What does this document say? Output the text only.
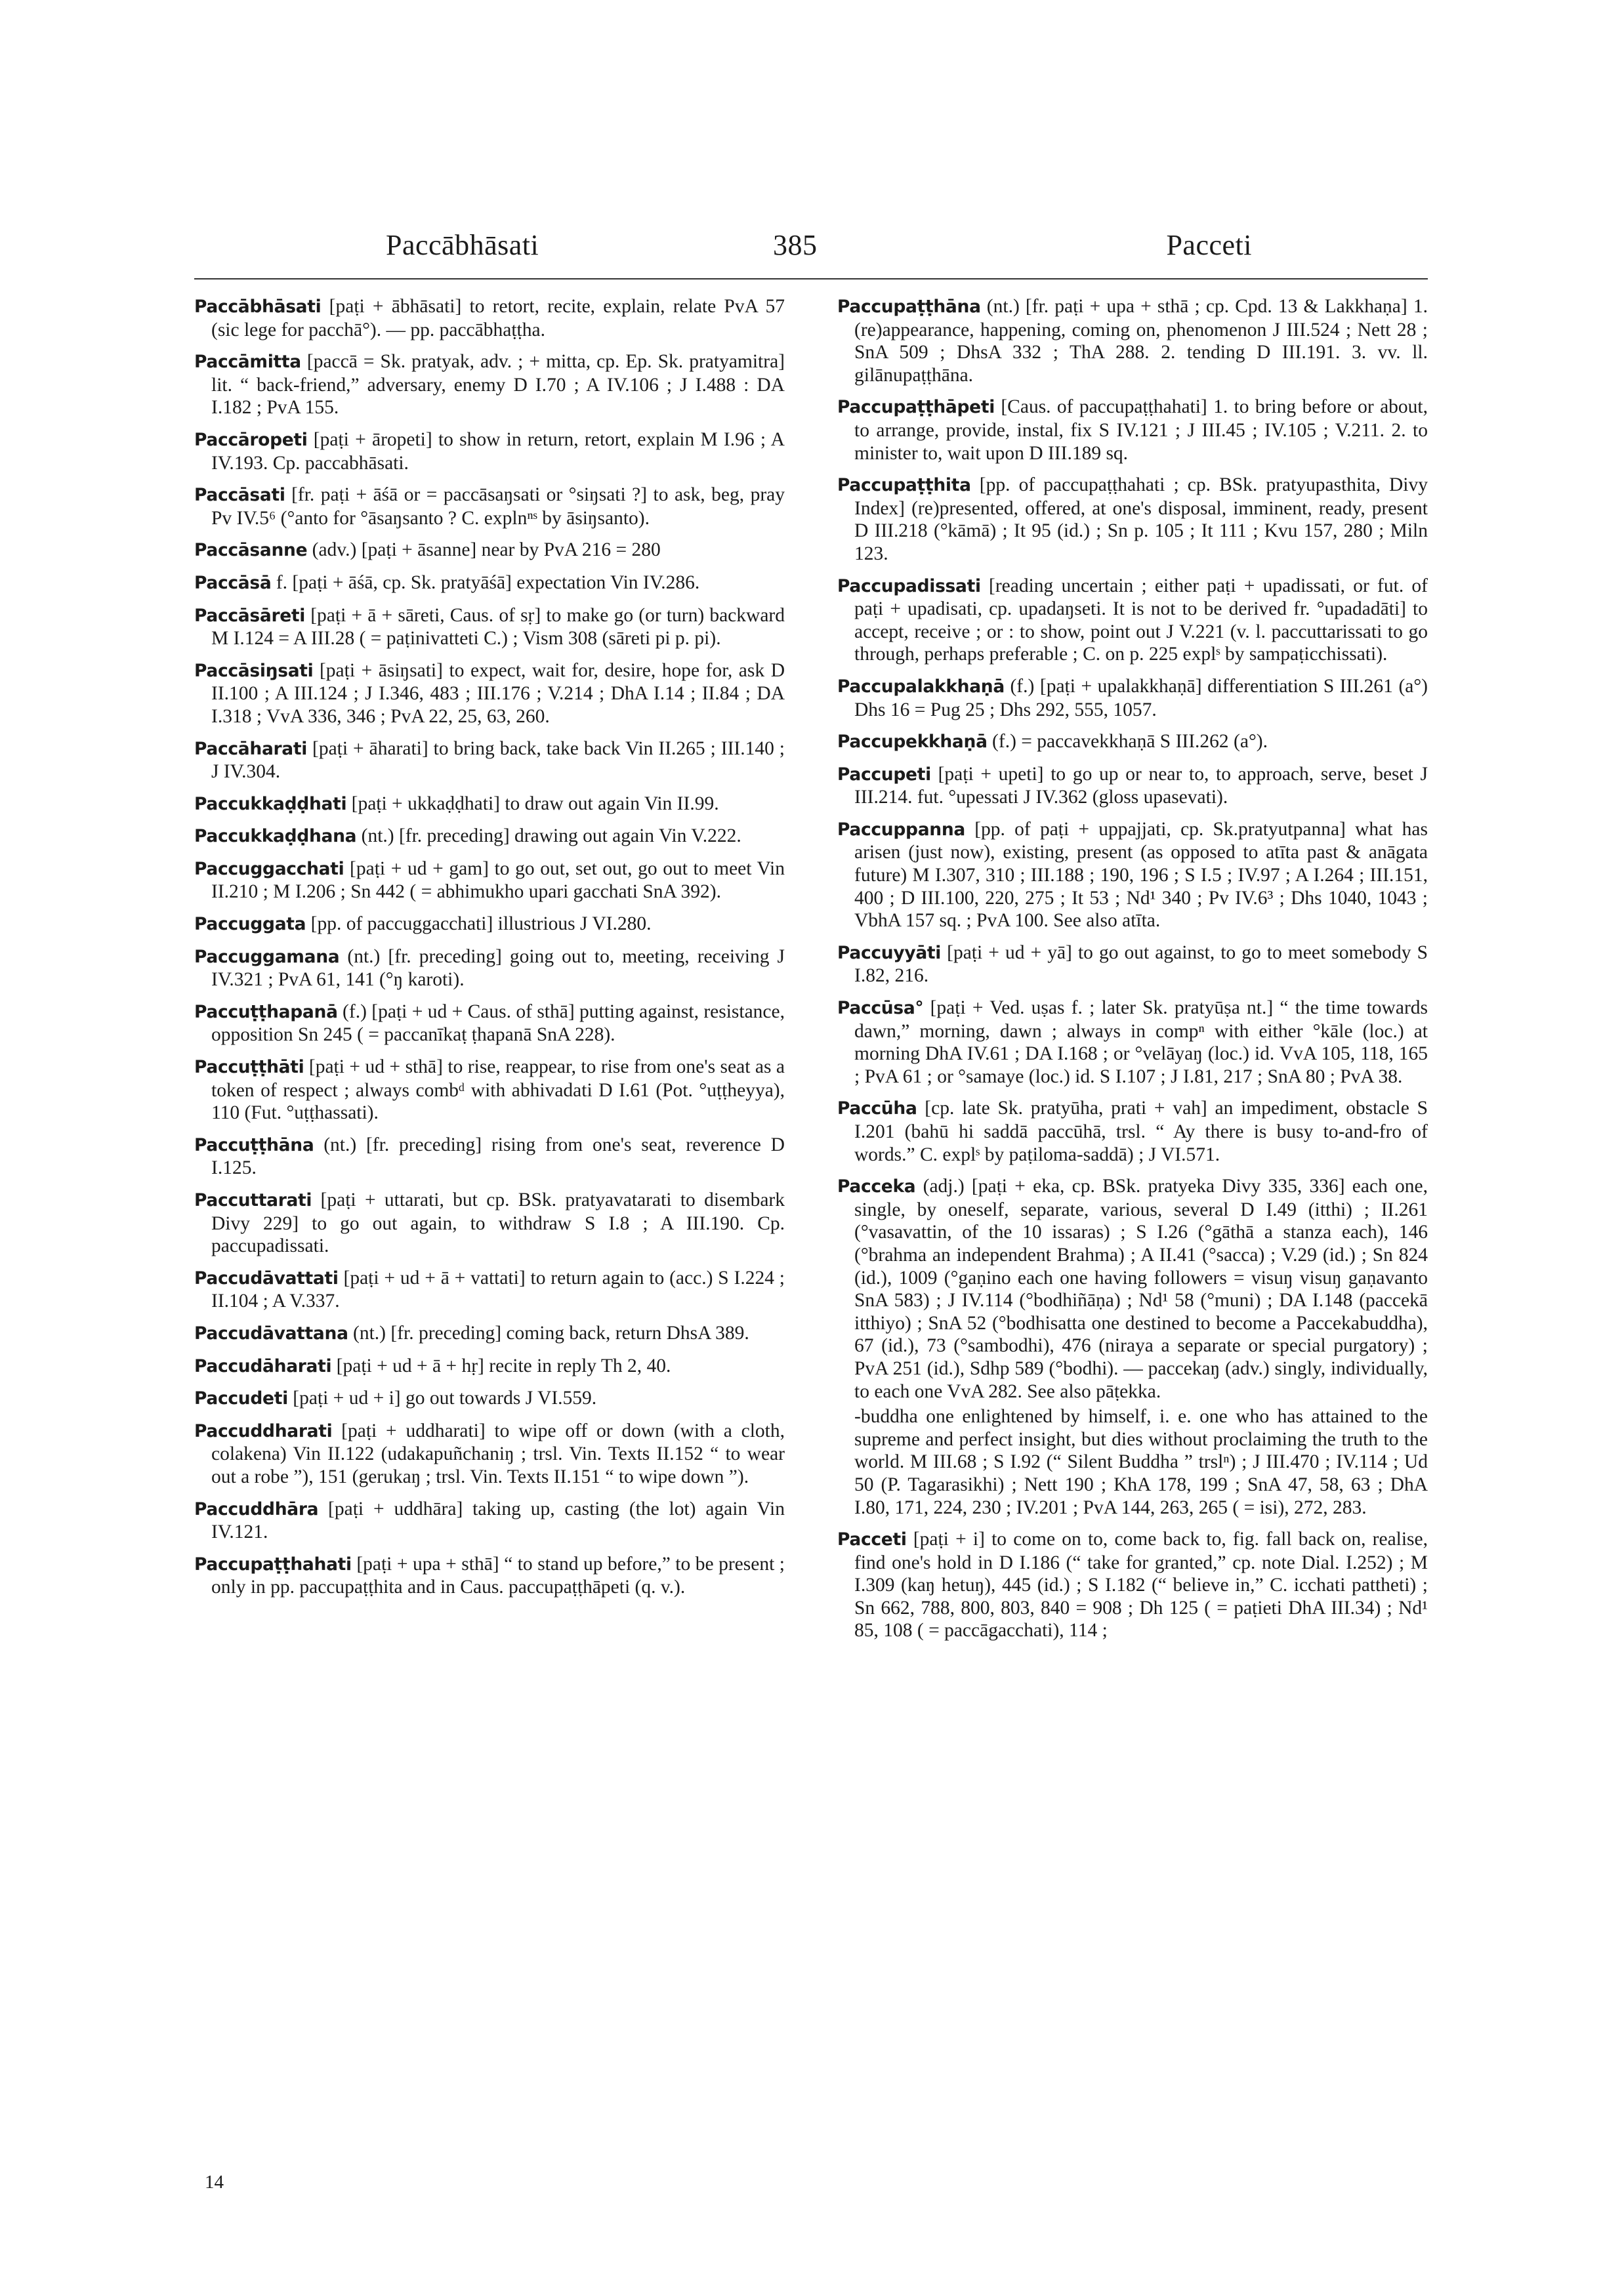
Paccābhāsati	385	Pacceti

Paccābhāsati [paṭi + ābhāsati] to retort, recite, explain, relate PvA 57 (sic lege for pacchā°). — pp. paccābhaṭṭha.

Paccāmitta [paccā = Sk. pratyak, adv. ; + mitta, cp. Ep. Sk. pratyamitra] lit. “ back-friend,” adversary, enemy D I.70 ; A IV.106 ; J I.488 : DA I.182 ; PvA 155.

Paccāropeti [paṭi + āropeti] to show in return, retort, explain M I.96 ; A IV.193. Cp. paccabhāsati.

Paccāsati [fr. paṭi + āśā or = paccāsaŋsati or °siŋsati ?] to ask, beg, pray Pv IV.5⁶ (°anto for °āsaŋsanto ? C. explnⁿˢ by āsiŋsanto).

Paccāsanne (adv.) [paṭi + āsanne] near by PvA 216 = 280

Paccāsā f. [paṭi + āśā, cp. Sk. pratyāśā] expectation Vin IV.286.

Paccāsāreti [paṭi + ā + sāreti, Caus. of sṛ] to make go (or turn) backward M I.124 = A III.28 ( = paṭinivatteti C.) ; Vism 308 (sāreti pi p. pi).

Paccāsiŋsati [paṭi + āsiŋsati] to expect, wait for, desire, hope for, ask D II.100 ; A III.124 ; J I.346, 483 ; III.176 ; V.214 ; DhA I.14 ; II.84 ; DA I.318 ; VvA 336, 346 ; PvA 22, 25, 63, 260.

Paccāharati [paṭi + āharati] to bring back, take back Vin II.265 ; III.140 ; J IV.304.

Paccukkaḍḍhati [paṭi + ukkaḍḍhati] to draw out again Vin II.99.

Paccukkaḍḍhana (nt.) [fr. preceding] drawing out again Vin V.222.

Paccuggacchati [paṭi + ud + gam] to go out, set out, go out to meet Vin II.210 ; M I.206 ; Sn 442 ( = abhimukho upari gacchati SnA 392).

Paccuggata [pp. of paccuggacchati] illustrious J VI.280.

Paccuggamana (nt.) [fr. preceding] going out to, meeting, receiving J IV.321 ; PvA 61, 141 (°ŋ karoti).

Paccuṭṭhapanā (f.) [paṭi + ud + Caus. of sthā] putting against, resistance, opposition Sn 245 ( = paccanīkaṭ ṭhapanā SnA 228).

Paccuṭṭhāti [paṭi + ud + sthā] to rise, reappear, to rise from one's seat as a token of respect ; always combᵈ with abhivadati D I.61 (Pot. °uṭṭheyya), 110 (Fut. °uṭṭhassati).

Paccuṭṭhāna (nt.) [fr. preceding] rising from one's seat, reverence D I.125.

Paccuttarati [paṭi + uttarati, but cp. BSk. pratyavatarati to disembark Divy 229] to go out again, to withdraw S I.8 ; A III.190. Cp. paccupadissati.

Paccudāvattati [paṭi + ud + ā + vattati] to return again to (acc.) S I.224 ; II.104 ; A V.337.

Paccudāvattana (nt.) [fr. preceding] coming back, return DhsA 389.

Paccudāharati [paṭi + ud + ā + hṛ] recite in reply Th 2, 40.

Paccudeti [paṭi + ud + i] go out towards J VI.559.

Paccuddharati [paṭi + uddharati] to wipe off or down (with a cloth, colakena) Vin II.122 (udakapuñchaniŋ ; trsl. Vin. Texts II.152 “ to wear out a robe ”), 151 (gerukaŋ ; trsl. Vin. Texts II.151 “ to wipe down ”).

Paccuddhāra [paṭi + uddhāra] taking up, casting (the lot) again Vin IV.121.

Paccupaṭṭhahati [paṭi + upa + sthā] “ to stand up before,” to be present ; only in pp. paccupaṭṭhita and in Caus. paccupaṭṭhāpeti (q. v.).

Paccupaṭṭhāna (nt.) [fr. paṭi + upa + sthā ; cp. Cpd. 13 & Lakkhaṇa] 1. (re)appearance, happening, coming on, phenomenon J III.524 ; Nett 28 ; SnA 509 ; DhsA 332 ; ThA 288. 2. tending D III.191. 3. vv. ll. gilānupaṭṭhāna.

Paccupaṭṭhāpeti [Caus. of paccupaṭṭhahati] 1. to bring before or about, to arrange, provide, instal, fix S IV.121 ; J III.45 ; IV.105 ; V.211. 2. to minister to, wait upon D III.189 sq.

Paccupaṭṭhita [pp. of paccupaṭṭhahati ; cp. BSk. pratyupasthita, Divy Index] (re)presented, offered, at one's disposal, imminent, ready, present D III.218 (°kāmā) ; It 95 (id.) ; Sn p. 105 ; It 111 ; Kvu 157, 280 ; Miln 123.

Paccupadissati [reading uncertain ; either paṭi + upadissati, or fut. of paṭi + upadisati, cp. upadaŋseti. It is not to be derived fr. °upadadāti] to accept, receive ; or : to show, point out J V.221 (v. l. paccuttarissati to go through, perhaps preferable ; C. on p. 225 explˢ by sampaṭicchissati).

Paccupalakkhaṇā (f.) [paṭi + upalakkhaṇā] differentiation S III.261 (a°) Dhs 16 = Pug 25 ; Dhs 292, 555, 1057.

Paccupekkhaṇā (f.) = paccavekkhaṇā S III.262 (a°).

Paccupeti [paṭi + upeti] to go up or near to, to approach, serve, beset J III.214. fut. °upessati J IV.362 (gloss upasevati).

Paccuppanna [pp. of paṭi + uppajjati, cp. Sk.pratyutpanna] what has arisen (just now), existing, present (as opposed to atīta past & anāgata future) M I.307, 310 ; III.188 ; 190, 196 ; S I.5 ; IV.97 ; A I.264 ; III.151, 400 ; D III.100, 220, 275 ; It 53 ; Nd¹ 340 ; Pv IV.6³ ; Dhs 1040, 1043 ; VbhA 157 sq. ; PvA 100. See also atīta.

Paccuyyāti [paṭi + ud + yā] to go out against, to go to meet somebody S I.82, 216.

Paccūsa° [paṭi + Ved. uṣas f. ; later Sk. pratyūṣa nt.] “ the time towards dawn,” morning, dawn ; always in compⁿ with either °kāle (loc.) at morning DhA IV.61 ; DA I.168 ; or °velāyaŋ (loc.) id. VvA 105, 118, 165 ; PvA 61 ; or °samaye (loc.) id. S I.107 ; J I.81, 217 ; SnA 80 ; PvA 38.

Paccūha [cp. late Sk. pratyūha, prati + vah] an impediment, obstacle S I.201 (bahū hi saddā paccūhā, trsl. “ Ay there is busy to-and-fro of words.” C. explˢ by paṭiloma-saddā) ; J VI.571.

Pacceka (adj.) [paṭi + eka, cp. BSk. pratyeka Divy 335, 336] each one, single, by oneself, separate, various, several D I.49 (itthi) ; II.261 (°vasavattin, of the 10 issaras) ; S I.26 (°gāthā a stanza each), 146 (°brahma an independent Brahma) ; A II.41 (°sacca) ; V.29 (id.) ; Sn 824 (id.), 1009 (°gaṇino each one having followers = visuŋ visuŋ gaṇavanto SnA 583) ; J IV.114 (°bodhiñāṇa) ; Nd¹ 58 (°muni) ; DA I.148 (paccekā itthiyo) ; SnA 52 (°bodhisatta one destined to become a Paccekabuddha), 67 (id.), 73 (°sambodhi), 476 (niraya a separate or special purgatory) ; PvA 251 (id.), Sdhp 589 (°bodhi). — paccekaŋ (adv.) singly, individually, to each one VvA 282. See also pāṭekka.

-buddha one enlightened by himself, i. e. one who has attained to the supreme and perfect insight, but dies without proclaiming the truth to the world. M III.68 ; S I.92 (“ Silent Buddha ” trslⁿ) ; J III.470 ; IV.114 ; Ud 50 (P. Tagarasikhi) ; Nett 190 ; KhA 178, 199 ; SnA 47, 58, 63 ; DhA I.80, 171, 224, 230 ; IV.201 ; PvA 144, 263, 265 ( = isi), 272, 283.

Pacceti [paṭi + i] to come on to, come back to, fig. fall back on, realise, find one's hold in D I.186 (“ take for granted,” cp. note Dial. I.252) ; M I.309 (kaŋ hetuŋ), 445 (id.) ; S I.182 (“ believe in,” C. icchati pattheti) ; Sn 662, 788, 800, 803, 840 = 908 ; Dh 125 ( = paṭieti DhA III.34) ; Nd¹ 85, 108 ( = paccāgacchati), 114 ;

14
